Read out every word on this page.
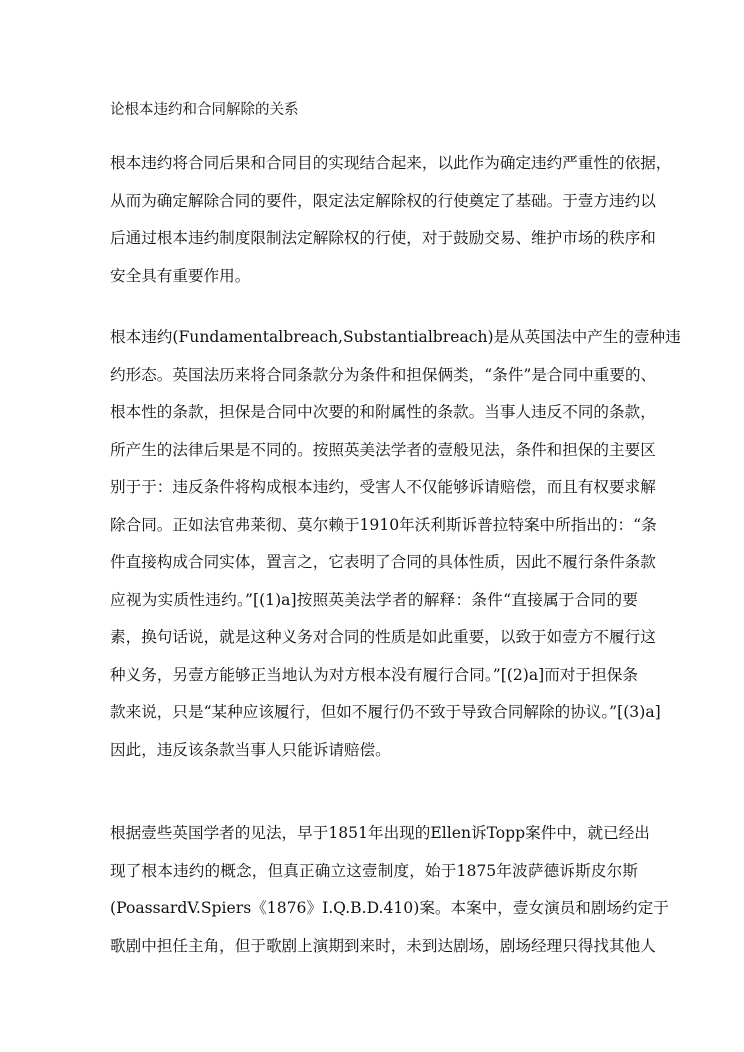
论根本违约和合同解除的关系
根本违约将合同后果和合同目的实现结合起来，以此作为确定违约严重性的依据，
从而为确定解除合同的要件，限定法定解除权的行使奠定了基础。于壹方违约以
后通过根本违约制度限制法定解除权的行使，对于鼓励交易、维护市场的秩序和
安全具有重要作用。
根本违约(Fundamentalbreach,Substantialbreach)是从英国法中产生的壹种违
约形态。英国法历来将合同条款分为条件和担保俩类，“条件”是合同中重要的、
根本性的条款，担保是合同中次要的和附属性的条款。当事人违反不同的条款，
所产生的法律后果是不同的。按照英美法学者的壹般见法，条件和担保的主要区
别于于：违反条件将构成根本违约，受害人不仅能够诉请赔偿，而且有权要求解
除合同。正如法官弗莱彻、莫尔赖于1910年沃利斯诉普拉特案中所指出的：“条
件直接构成合同实体，置言之，它表明了合同的具体性质，因此不履行条件条款
应视为实质性违约。”[(1)a]按照英美法学者的解释：条件“直接属于合同的要
素，换句话说，就是这种义务对合同的性质是如此重要，以致于如壹方不履行这
种义务，另壹方能够正当地认为对方根本没有履行合同。”[(2)a]而对于担保条
款来说，只是“某种应该履行，但如不履行仍不致于导致合同解除的协议。”[(3)a]
因此，违反该条款当事人只能诉请赔偿。
根据壹些英国学者的见法，早于1851年出现的Ellen诉Topp案件中，就已经出
现了根本违约的概念，但真正确立这壹制度，始于1875年波萨德诉斯皮尔斯
(PoassardV.Spiers《1876》I.Q.B.D.410)案。本案中，壹女演员和剧场约定于
歌剧中担任主角，但于歌剧上演期到来时，未到达剧场，剧场经理只得找其他人
